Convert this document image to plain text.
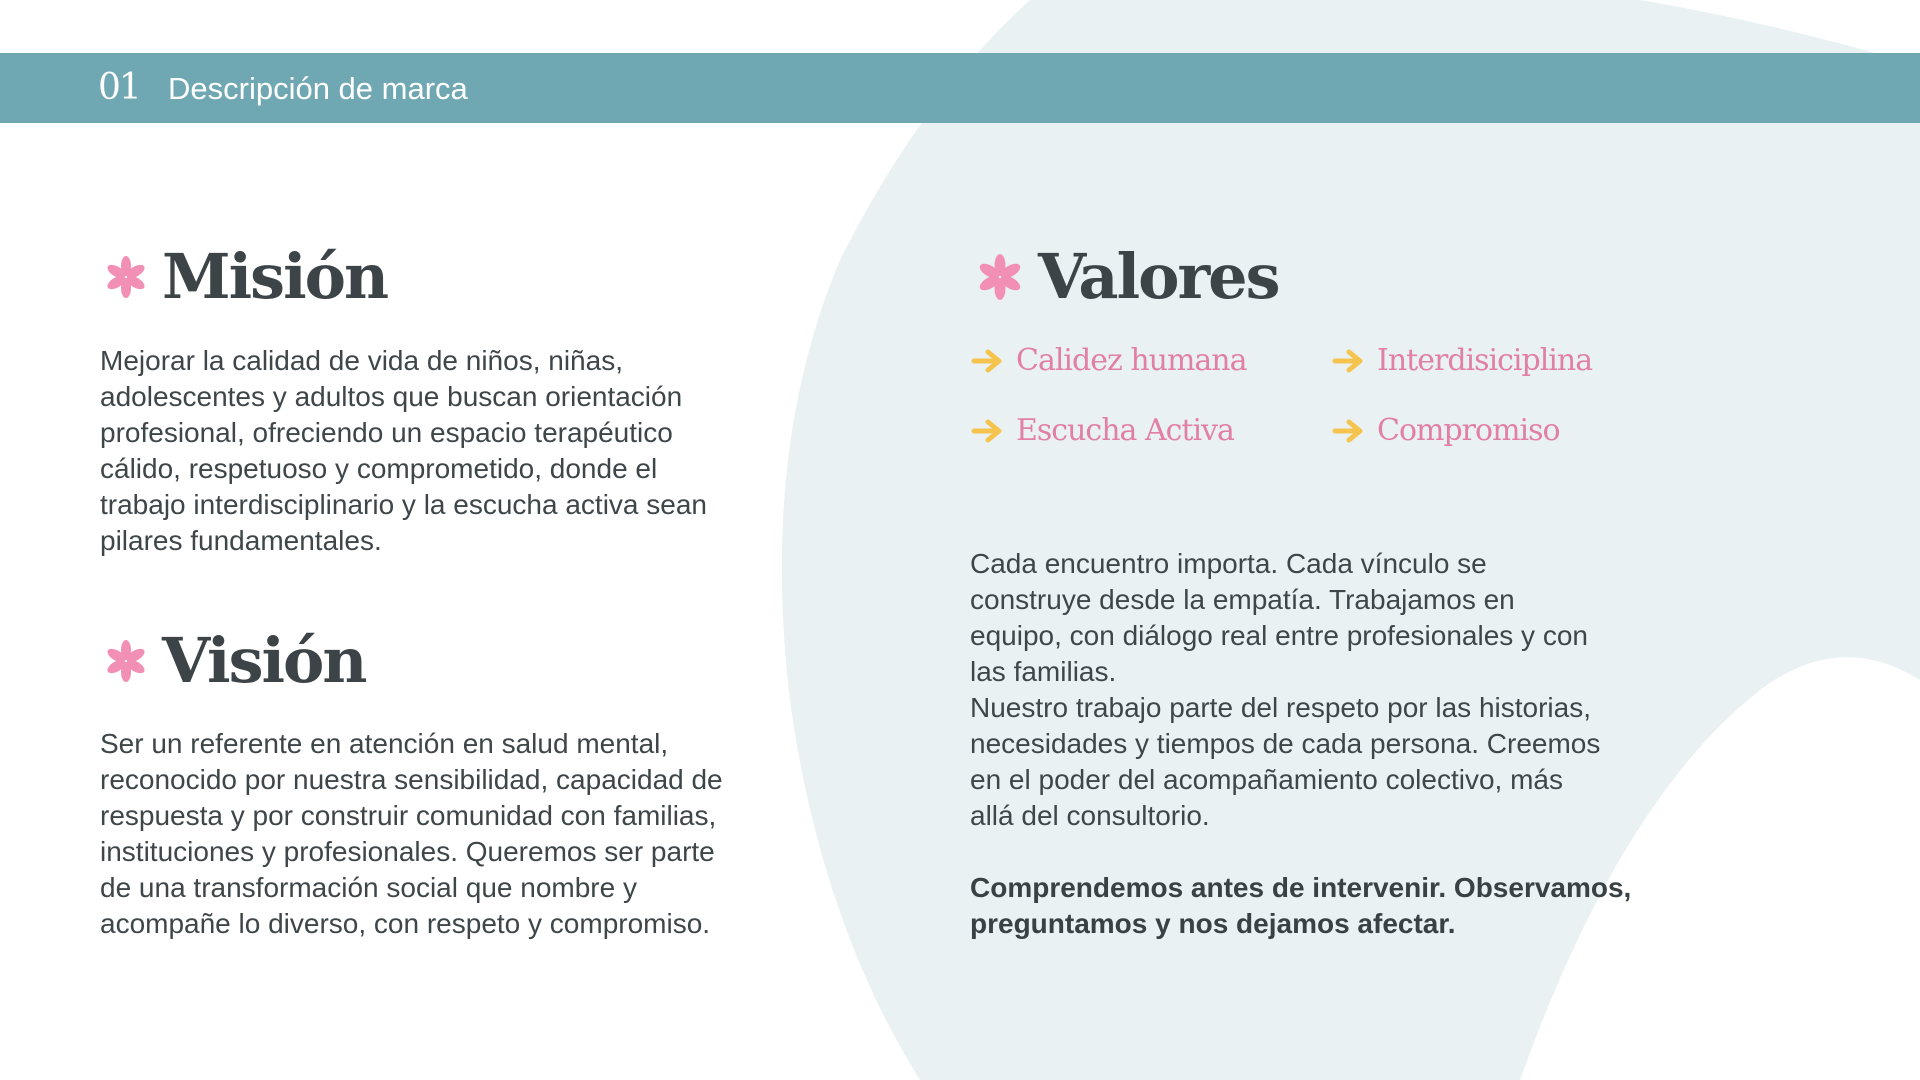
01 Descripción de marca
Misión

Mejorar la calidad de vida de niños, niñas,
adolescentes y adultos que buscan orientación
profesional, ofreciendo un espacio terapéutico
cálido, respetuoso y comprometido, donde el
trabajo interdisciplinario y la escucha activa sean
pilares fundamentales.

Visión

Ser un referente en atención en salud mental,
reconocido por nuestra sensibilidad, capacidad de
respuesta y por construir comunidad con familias,
instituciones y profesionales. Queremos ser parte
de una transformación social que nombre y
acompañe lo diverso, con respeto y compromiso.

Valores
Calidez humana	Interdisiciplina
Escucha Activa	Compromiso

Cada encuentro importa. Cada vínculo se
construye desde la empatía. Trabajamos en
equipo, con diálogo real entre profesionales y con
las familias.
Nuestro trabajo parte del respeto por las historias,
necesidades y tiempos de cada persona. Creemos
en el poder del acompañamiento colectivo, más
allá del consultorio.

Comprendemos antes de intervenir. Observamos,
preguntamos y nos dejamos afectar.
